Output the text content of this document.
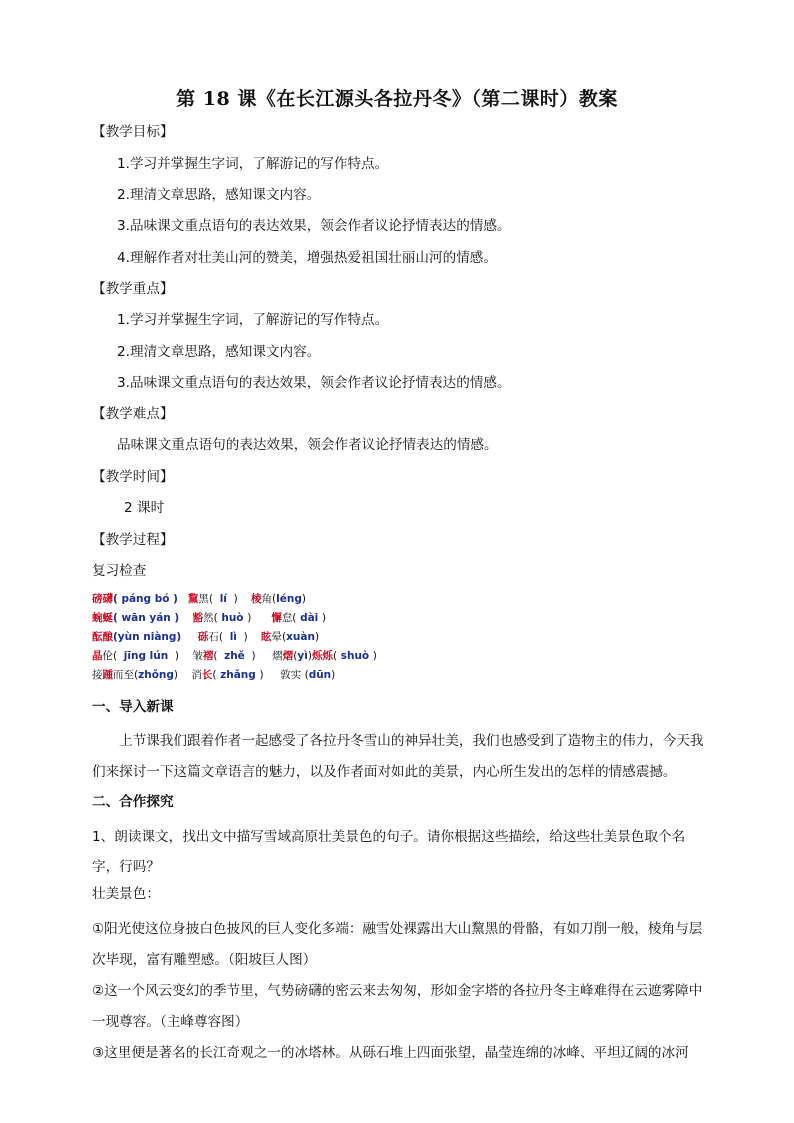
第 18 课《在长江源头各拉丹冬》（第二课时）教案
【教学目标】
1.学习并掌握生字词，了解游记的写作特点。
2.理清文章思路，感知课文内容。
3.品味课文重点语句的表达效果，领会作者议论抒情表达的情感。
4.理解作者对壮美山河的赞美，增强热爱祖国壮丽山河的情感。
【教学重点】
1.学习并掌握生字词，了解游记的写作特点。
2.理清文章思路，感知课文内容。
3.品味课文重点语句的表达效果，领会作者议论抒情表达的情感。
【教学难点】
品味课文重点语句的表达效果，领会作者议论抒情表达的情感。
【教学时间】
2 课时
【教学过程】
复习检查
磅礴( páng bó ) 黧黑(  lí  )    棱角(léng)
蜿蜒( wān yán ) 豁然( huò )      懈怠( dài )
酝酿(yùn niàng) 砾石(  lì  )    眩晕(xuàn)
晶伦(  jīng lún  )    皱褶(  zhě  )     熠熠(yì)烁烁( shuò )
接踵而至(zhǒng)    消长( zhǎng )     敦实 (dūn)
一、导入新课
上节课我们跟着作者一起感受了各拉丹冬雪山的神异壮美，我们也感受到了造物主的伟力，今天我们来探讨一下这篇文章语言的魅力，以及作者面对如此的美景，内心所生发出的怎样的情感震撼。
二、合作探究
1、朗读课文，找出文中描写雪域高原壮美景色的句子。请你根据这些描绘，给这些壮美景色取个名字，行吗？
壮美景色：
①阳光使这位身披白色披风的巨人变化多端：融雪处裸露出大山黧黑的骨骼，有如刀削一般，棱角与层次毕现，富有雕塑感。（阳坡巨人图）
②这一个风云变幻的季节里，气势磅礴的密云来去匆匆，形如金字塔的各拉丹冬主峰难得在云遮雾障中一现尊容。（主峰尊容图）
③这里便是著名的长江奇观之一的冰塔林。从砾石堆上四面张望，晶莹连绵的冰峰、平坦辽阔的冰河
